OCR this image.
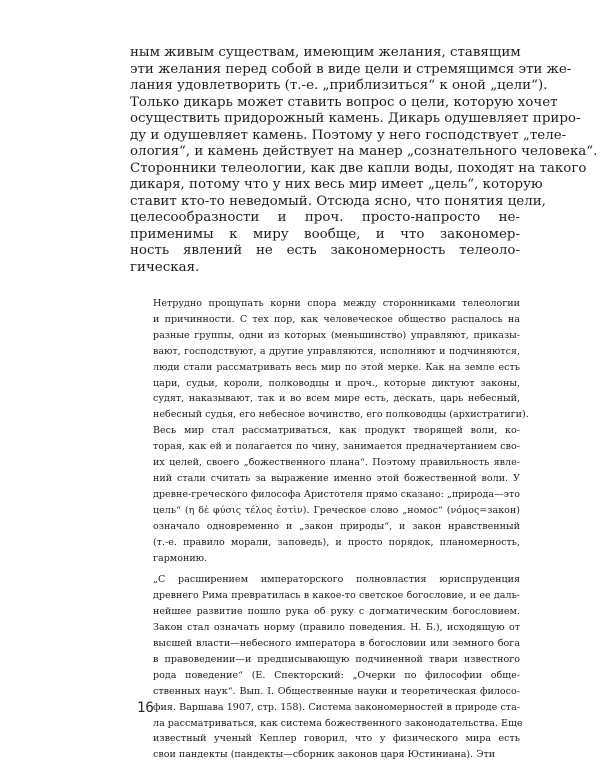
ным живым существам, имеющим желания, ставящим
эти желания перед собой в виде цели и стремящимся эти же-
лания удовлетворить (т.-е. „приблизиться“ к оной „цели“).
Только дикарь может ставить вопрос о цели, которую хочет
осуществить придорожный камень. Дикарь одушевляет приро-
ду и одушевляет камень. Поэтому у него господствует „теле-
ология“, и камень действует на манер „сознательного человека“.
Сторонники телеологии, как две капли воды, походят на такого
дикаря, потому что у них весь мир имеет „цель“, которую
ставит кто-то неведомый. Отсюда ясно, что понятия цели,
целесообразности и проч. просто-напросто не-
применимы к миру вообще, и что закономер-
ность явлений не есть закономерность телеоло-
гическая.
Нетрудно прощупать корни спора между сторонниками телеологии
и причинности. С тех пор, как человеческое общество распалось на
разные группы, одни из которых (меньшинство) управляют, приказы-
вают, господствуют, а другие управляются, исполняют и подчиняются,
люди стали рассматривать весь мир по этой мерке. Как на земле есть
цари, судьи, короли, полководцы и проч., которые диктуют законы,
судят, наказывают, так и во всем мире есть, дескать, царь небесный,
небесный судья, его небесное вочинство, его полководцы (архистратиги).
Весь мир стал рассматриваться, как продукт творящей воли, ко-
торая, как ей и полагается по чину, занимается предначертанием сво-
их целей, своего „божественного плана“. Поэтому правильность явле-
ний стали считать за выражение именно этой божественной воли. У
древне-греческого философа Аристотеля прямо сказано: „природа—это
цель“ (η δὲ φύσις τέλος ἐστὶν). Греческое слово „номос“ (νόμος=закон)
означало одновременно и „закон природы“, и закон нравственный
(т.-е. правило морали, заповедь), и просто порядок, планомерность,
гармонию.
„С расширением императорского полновластия юриспруденция
древнего Рима превратилась в какое-то светское богословие, и ее даль-
нейшее развитие пошло рука об руку с догматическим богословием.
Закон стал означать норму (правило поведения. Н. Б.), исходящую от
высшей власти—небесного императора в богословии или земного бога
в правоведении—и предписывающую подчиненной твари известного
рода поведение“ (Е. Спекторский: „Очерки по философии обще-
ственных наук“. Вып. I. Общественные науки и теоретическая филосо-
фия. Варшава 1907, стр. 158). Система закономерностей в природе ста-
ла рассматриваться, как система божественного законодательства. Еще
известный ученый Кеплер говорил, что у физического мира есть
свои пандекты (пандекты—сборник законов царя Юстиниана). Эти
16
